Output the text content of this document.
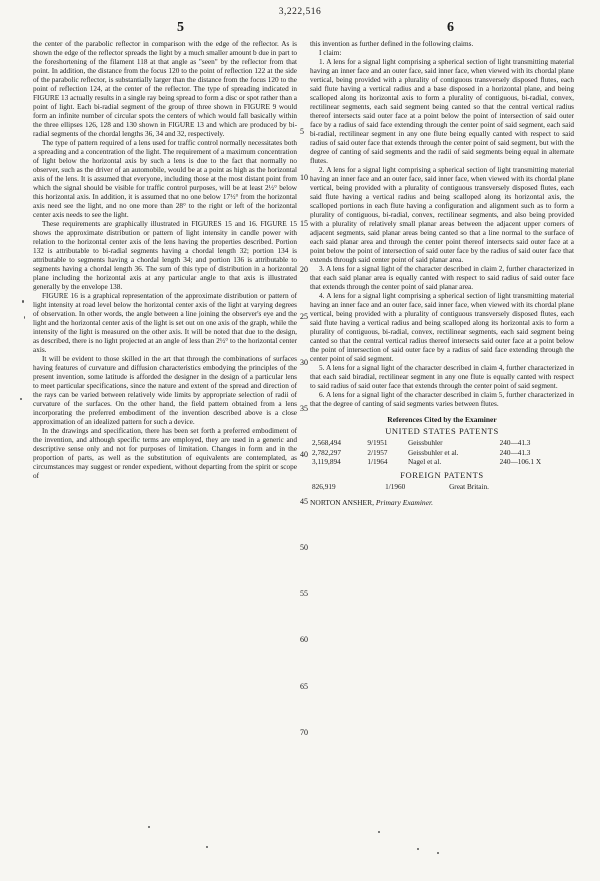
3,222,516
5	6

the center of the parabolic reflector in comparison with the edge of the reflector. As is shown the edge of the reflector spreads the light by a much smaller amount b due in part to the foreshortening of the filament 118 at that angle as "seen" by the reflector from that point. In addition, the distance from the focus 120 to the point of reflection 122 at the side of the parabolic reflector, is substantially larger than the distance from the focus 120 to the point of reflection 124, at the center of the reflector. The type of spreading indicated in FIGURE 13 actually results in a single ray being spread to form a disc or spot rather than a point of light. Each bi-radial segment of the group of three shown in FIGURE 9 would form an infinite number of circular spots the centers of which would fall basically within the three ellipses 126, 128 and 130 shown in FIGURE 13 and which are produced by bi-radial segments of the chordal lengths 36, 34 and 32, respectively.

The type of pattern required of a lens used for traffic control normally necessitates both a spreading and a concentration of the light. The requirement of a maximum concentration of light below the horizontal axis by such a lens is due to the fact that normally no observer, such as the driver of an automobile, would be at a point as high as the horizontal axis of the lens. It is assumed that everyone, including those at the most distant point from which the signal should be visible for traffic control purposes, will be at least 2½° below this horizontal axis. In addition, it is assumed that no one below 17½° from the horizontal axis need see the light, and no one more than 28° to the right or left of the horizontal center axis needs to see the light.

These requirements are graphically illustrated in FIGURES 15 and 16. FIGURE 15 shows the approximate distribution or pattern of light intensity in candle power with relation to the horizontal center axis of the lens having the properties described. Portion 132 is attributable to bi-radial segments having a chordal length 32; portion 134 is attributable to segments having a chordal length 34; and portion 136 is attributable to segments having a chordal length 36. The sum of this type of distribution in a horizontal plane including the horizontal axis at any particular angle to that axis is illustrated generally by the envelope 138.

FIGURE 16 is a graphical representation of the approximate distribution or pattern of light intensity at road level below the horizontal center axis of the light at varying degrees of observation. In other words, the angle between a line joining the observer's eye and the light and the horizontal center axis of the light is set out on one axis of the graph, while the intensity of the light is measured on the other axis. It will be noted that due to the design, as described, there is no light projected at an angle of less than 2½° to the horizontal center axis.

It will be evident to those skilled in the art that through the combinations of surfaces having features of curvature and diffusion characteristics embodying the principles of the present invention, some latitude is afforded the designer in the design of a particular lens to meet particular specifications, since the nature and extent of the spread and direction of the rays can be varied between relatively wide limits by appropriate selection of radii of curvature of the surfaces. On the other hand, the field pattern obtained from a lens incorporating the preferred embodiment of the invention described above is a close approximation of an idealized pattern for such a device.

In the drawings and specification, there has been set forth a preferred embodiment of the invention, and although specific terms are employed, they are used in a generic and descriptive sense only and not for purposes of limitation. Changes in form and in the proportion of parts, as well as the substitution of equivalents are contemplated, as circumstances may suggest or render expedient, without departing from the spirit or scope of

5
10
15
20
25
30
35
40
45
50
55
60
65
70

this invention as further defined in the following claims.

I claim:

1. A lens for a signal light comprising a spherical section of light transmitting material having an inner face and an outer face, said inner face, when viewed with its chordal plane vertical, being provided with a plurality of contiguous transversely disposed flutes, each said flute having a vertical radius and a base disposed in a horizontal plane, and being scalloped along its horizontal axis to form a plurality of contiguous, bi-radial, convex, rectilinear segments, each said segment being canted so that the central vertical radius thereof intersects said outer face at a point below the point of intersection of said outer face by a radius of said face extending through the center point of said segment, each said bi-radial, rectilinear segment in any one flute being equally canted with respect to said radius of said outer face that extends through the center point of said segment, but with the degree of canting of said segments and the radii of said segments being equal in alternate flutes.

2. A lens for a signal light comprising a spherical section of light transmitting material having an inner face and an outer face, said inner face, when viewed with its chordal plane vertical, being provided with a plurality of contiguous transversely disposed flutes, each said flute having a vertical radius and being scalloped along its horizontal axis, the scalloped portions in each flute having a configuration and alignment such as to form a plurality of contiguous, bi-radial, convex, rectilinear segments, and also being provided with a plurality of relatively small planar areas between the adjacent upper corners of adjacent segments, said planar areas being canted so that a line normal to the surface of each said planar area and through the center point thereof intersects said outer face at a point below the point of intersection of said outer face by the radius of said outer face that extends through said center point of said planar area.

3. A lens for a signal light of the character described in claim 2, further characterized in that each said planar area is equally canted with respect to said radius of said outer face that extends through the center point of said planar area.

4. A lens for a signal light comprising a spherical section of light transmitting material having an inner face and an outer face, said inner face, when viewed with its chordal plane vertical, being provided with a plurality of contiguous transversely disposed flutes, each said flute having a vertical radius and being scalloped along its horizontal axis to form a plurality of contiguous, bi-radial, convex, rectilinear segments, each said segment being canted so that the central vertical radius thereof intersects said outer face at a point below the point of intersection of said outer face by a radius of said face extending through the center point of said segment.

5. A lens for a signal light of the character described in claim 4, further characterized in that each said biradial, rectilinear segment in any one flute is equally canted with respect to said radius of said outer face that extends through the center point of said segment.

6. A lens for a signal light of the character described in claim 5, further characterized in that the degree of canting of said segments varies between flutes.

References Cited by the Examiner

UNITED STATES PATENTS

2,568,494	9/1951	Geissbuhler	240—41.3
2,782,297	2/1957	Geissbuhler et al.	240—41.3
3,119,894	1/1964	Nagel et al.	240—106.1 X

FOREIGN PATENTS

826,919	1/1960	Great Britain.	

NORTON ANSHER, Primary Examiner.
